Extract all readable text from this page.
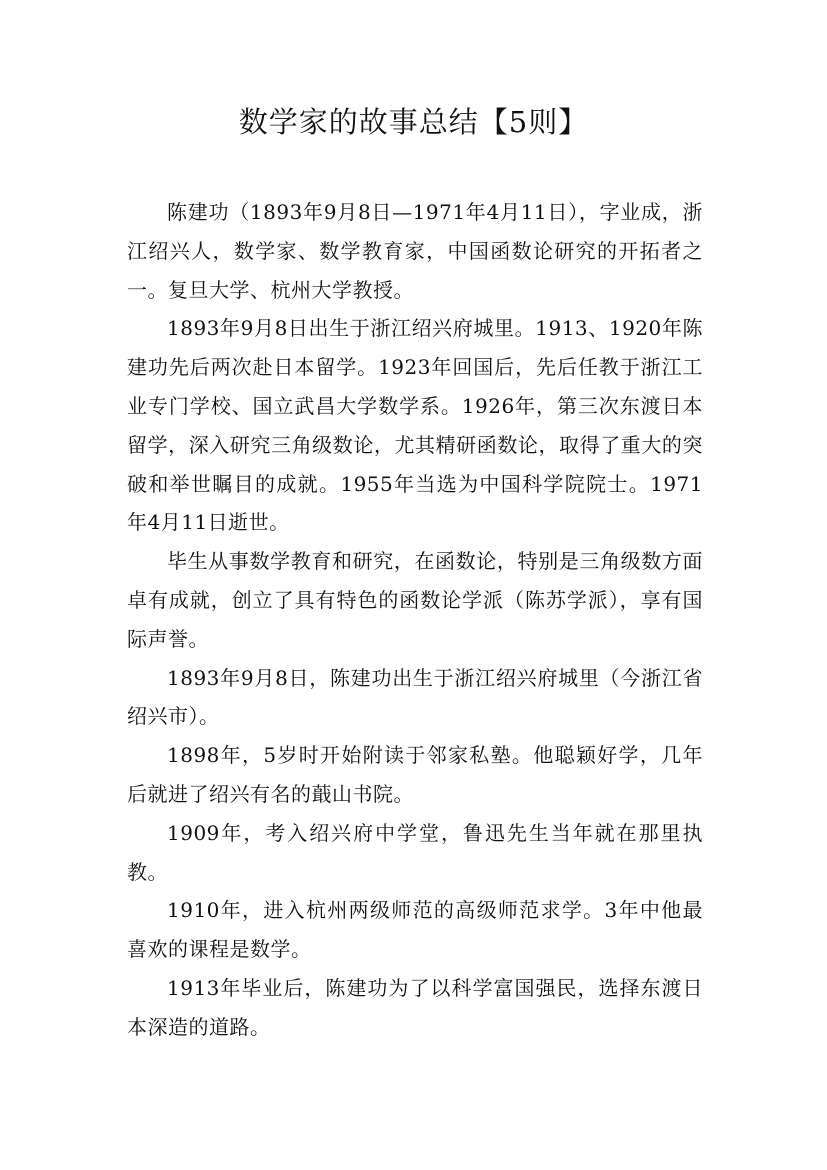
数学家的故事总结【5则】

陈建功（1893年9月8日—1971年4月11日），字业成，浙江绍兴人，数学家、数学教育家，中国函数论研究的开拓者之一。复旦大学、杭州大学教授。

1893年9月8日出生于浙江绍兴府城里。1913、1920年陈建功先后两次赴日本留学。1923年回国后，先后任教于浙江工业专门学校、国立武昌大学数学系。1926年，第三次东渡日本留学，深入研究三角级数论，尤其精研函数论，取得了重大的突破和举世瞩目的成就。1955年当选为中国科学院院士。1971年4月11日逝世。

毕生从事数学教育和研究，在函数论，特别是三角级数方面卓有成就，创立了具有特色的函数论学派（陈苏学派），享有国际声誉。

1893年9月8日，陈建功出生于浙江绍兴府城里（今浙江省绍兴市）。

1898年，5岁时开始附读于邻家私塾。他聪颖好学，几年后就进了绍兴有名的蕺山书院。

1909年，考入绍兴府中学堂，鲁迅先生当年就在那里执教。

1910年，进入杭州两级师范的高级师范求学。3年中他最喜欢的课程是数学。

1913年毕业后，陈建功为了以科学富国强民，选择东渡日本深造的道路。
